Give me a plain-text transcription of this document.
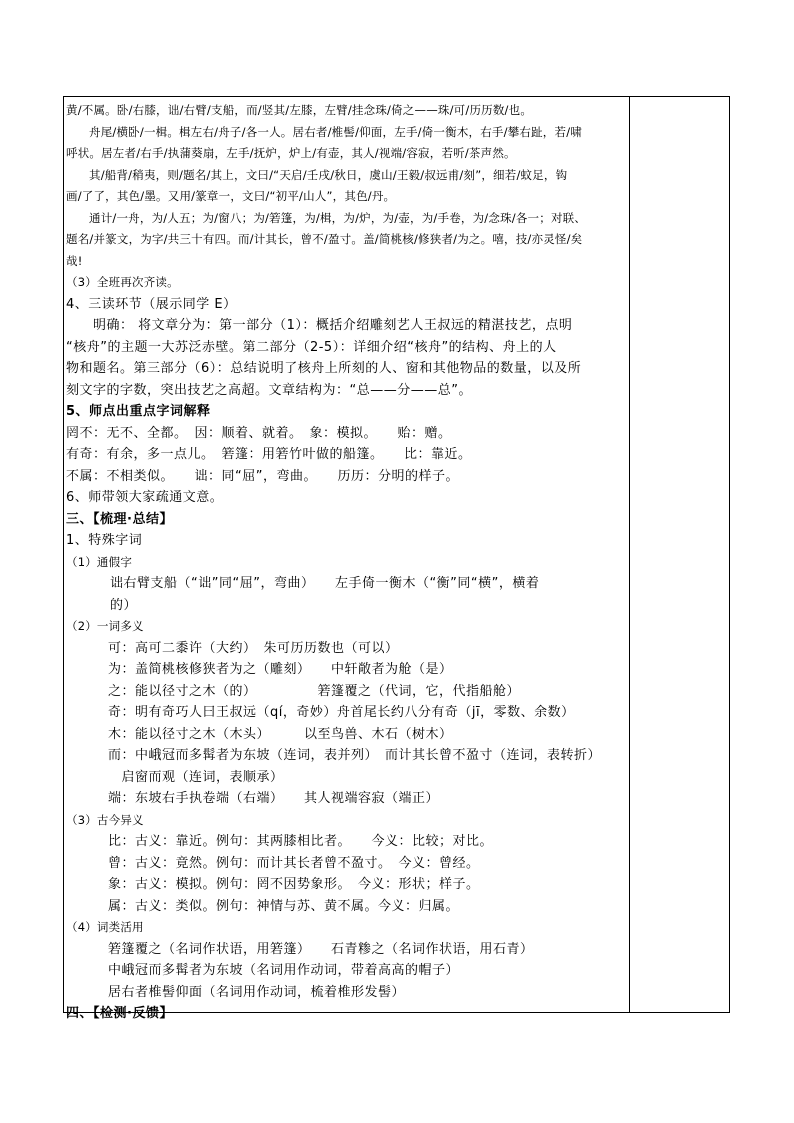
黄/不属。卧/右膝，诎/右臂/支船，而/竖其/左膝，左臂/挂念珠/倚之——珠/可/历历数/也。
舟尾/横卧/一楫。楫左右/舟子/各一人。居右者/椎髻/仰面，左手/倚一衡木，右手/攀右趾，若/啸
呼状。居左者/右手/执蒲葵扇，左手/抚炉，炉上/有壶，其人/视端/容寂，若听/茶声然。
其/船背/稍夷，则/题名/其上，文曰/“天启/壬戌/秋日，虞山/王毅/叔远甫/刻”，细若/蚊足，钩
画/了了，其色/墨。又用/篆章一，文曰/“初平/山人”，其色/丹。
通计/一舟，为/人五；为/窗八；为/箬篷，为/楫，为/炉，为/壶，为/手卷，为/念珠/各一；对联、
题名/并篆文，为字/共三十有四。而/计其长，曾不/盈寸。盖/简桃核/修狭者/为之。嘻，技/亦灵怪/矣
哉!
（3）全班再次齐读。
4、三读环节（展示同学 E）
明确： 将文章分为：第一部分（1）：概括介绍雕刻艺人王叔远的精湛技艺，点明
“核舟”的主题一大苏泛赤壁。第二部分（2-5）：详细介绍“核舟”的结构、舟上的人
物和题名。第三部分（6）：总结说明了核舟上所刻的人、窗和其他物品的数量，以及所
刻文字的字数，突出技艺之高超。文章结构为：“总——分——总”。
5、师点出重点字词解释
罔不：无不、全都。　因：顺着、就着。　象：模拟。　　贻：赠。
有奇：有余，多一点儿。　箬篷：用箬竹叶做的船篷。　　比：靠近。
不属：不相类似。　　诎：同“屈”，弯曲。　　历历：分明的样子。
6、师带领大家疏通文意。
三、【梳理·总结】
1、特殊字词
（1）通假字
诎右臂支船（“诎”同“屈”，弯曲）　　左手倚一衡木（“衡”同“横”，横着
的）
（2）一词多义
可：高可二黍许（大约）　朱可历历数也（可以）
为：盖简桃核修狭者为之（雕刻）　　中轩敞者为舱（是）
之：能以径寸之木（的）　　　　　箬篷覆之（代词，它，代指船舱）
奇：明有奇巧人曰王叔远（qí，奇妙）舟首尾长约八分有奇（jī，零数、余数）
木：能以径寸之木（木头）　　　以至鸟兽、木石（树木）
而：中峨冠而多髯者为东坡（连词，表并列）　而计其长曾不盈寸（连词，表转折）
　启窗而观（连词，表顺承）
端：东坡右手执卷端（右端）　　其人视端容寂（端正）
（3）古今异义
比：古义：靠近。例句：其两膝相比者。　　今义：比较；对比。
曾：古义：竟然。例句：而计其长者曾不盈寸。　今义：曾经。
象：古义：模拟。例句：罔不因势象形。　今义：形状；样子。
属：古义：类似。例句：神情与苏、黄不属。今义：归属。
（4）词类活用
箬篷覆之（名词作状语，用箬篷）　　石青糁之（名词作状语，用石青）
中峨冠而多髯者为东坡（名词用作动词，带着高高的帽子）
居右者椎髻仰面（名词用作动词，梳着椎形发髻）
四、【检测·反馈】
